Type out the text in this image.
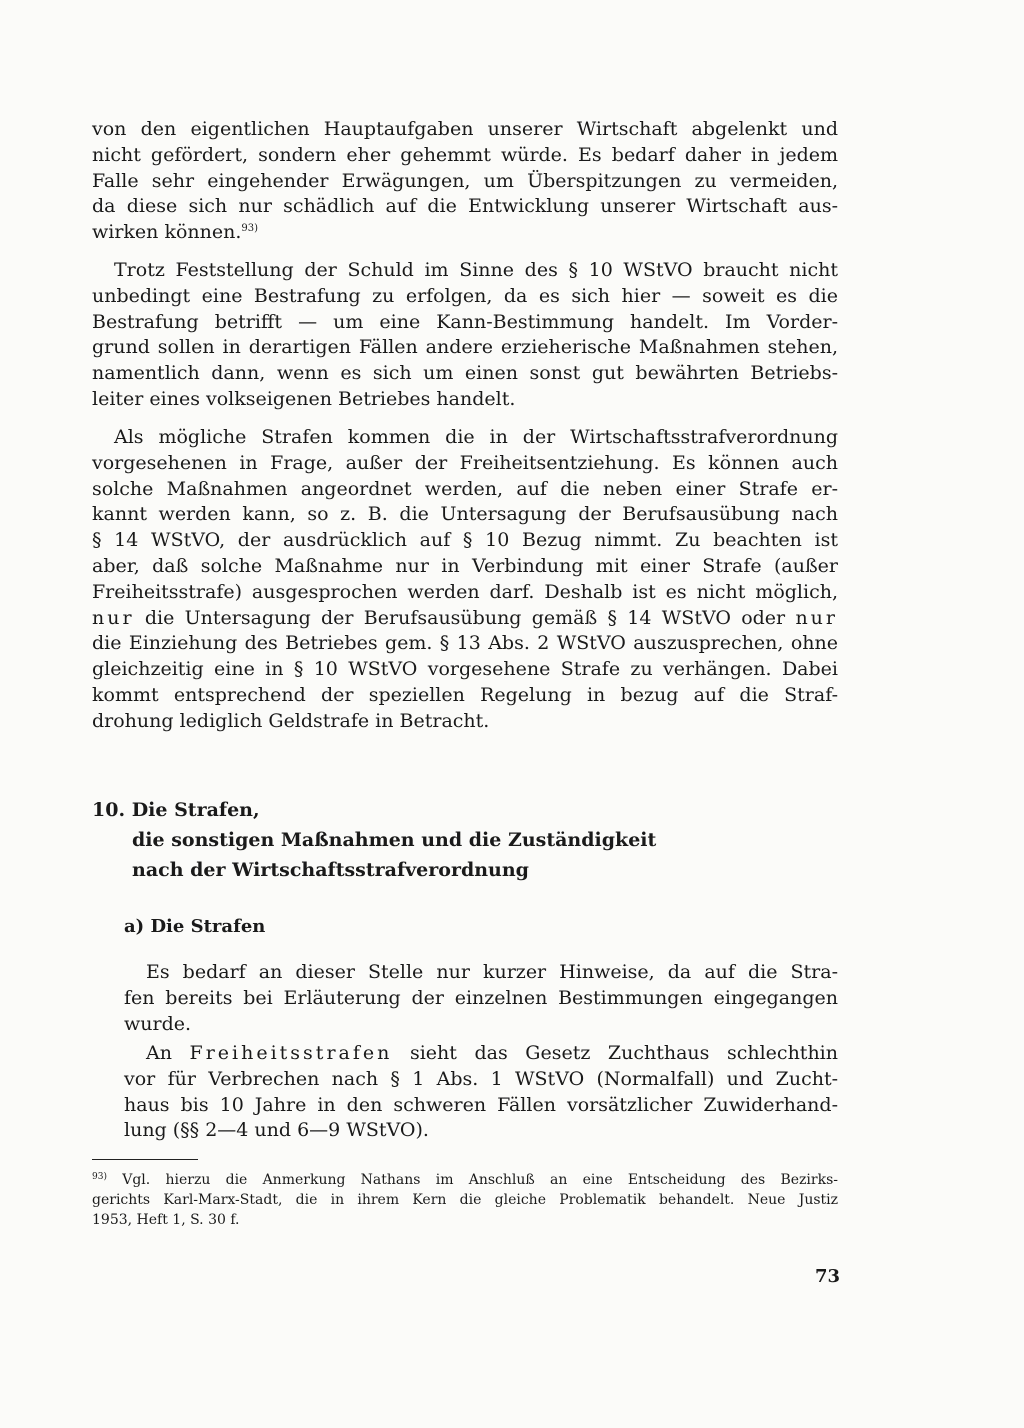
von den eigentlichen Hauptaufgaben unserer Wirtschaft abgelenkt und
nicht gefördert, sondern eher gehemmt würde. Es bedarf daher in jedem
Falle sehr eingehender Erwägungen, um Überspitzungen zu vermeiden,
da diese sich nur schädlich auf die Entwicklung unserer Wirtschaft aus-
wirken können.$^{93)}$
Trotz Feststellung der Schuld im Sinne des § 10 WStVO braucht nicht
unbedingt eine Bestrafung zu erfolgen, da es sich hier — soweit es die
Bestrafung betrifft — um eine Kann-Bestimmung handelt. Im Vorder-
grund sollen in derartigen Fällen andere erzieherische Maßnahmen stehen,
namentlich dann, wenn es sich um einen sonst gut bewährten Betriebs-
leiter eines volkseigenen Betriebes handelt.
Als mögliche Strafen kommen die in der Wirtschaftsstrafverordnung
vorgesehenen in Frage, außer der Freiheitsentziehung. Es können auch
solche Maßnahmen angeordnet werden, auf die neben einer Strafe er-
kannt werden kann, so z. B. die Untersagung der Berufsausübung nach
§ 14 WStVO, der ausdrücklich auf § 10 Bezug nimmt. Zu beachten ist
aber, daß solche Maßnahme nur in Verbindung mit einer Strafe (außer
Freiheitsstrafe) ausgesprochen werden darf. Deshalb ist es nicht möglich,
nur die Untersagung der Berufsausübung gemäß § 14 WStVO oder nur
die Einziehung des Betriebes gem. § 13 Abs. 2 WStVO auszusprechen, ohne
gleichzeitig eine in § 10 WStVO vorgesehene Strafe zu verhängen. Dabei
kommt entsprechend der speziellen Regelung in bezug auf die Straf-
drohung lediglich Geldstrafe in Betracht.
10. Die Strafen,
die sonstigen Maßnahmen und die Zuständigkeit
nach der Wirtschaftsstrafverordnung
a) Die Strafen
Es bedarf an dieser Stelle nur kurzer Hinweise, da auf die Stra-
fen bereits bei Erläuterung der einzelnen Bestimmungen eingegangen
wurde.
An Freiheitsstrafen sieht das Gesetz Zuchthaus schlechthin
vor für Verbrechen nach § 1 Abs. 1 WStVO (Normalfall) und Zucht-
haus bis 10 Jahre in den schweren Fällen vorsätzlicher Zuwiderhand-
lung (§§ 2—4 und 6—9 WStVO).
$^{93)}$ Vgl. hierzu die Anmerkung Nathans im Anschluß an eine Entscheidung des Bezirks-
gerichts Karl-Marx-Stadt, die in ihrem Kern die gleiche Problematik behandelt. Neue Justiz
1953, Heft 1, S. 30 f.
73
